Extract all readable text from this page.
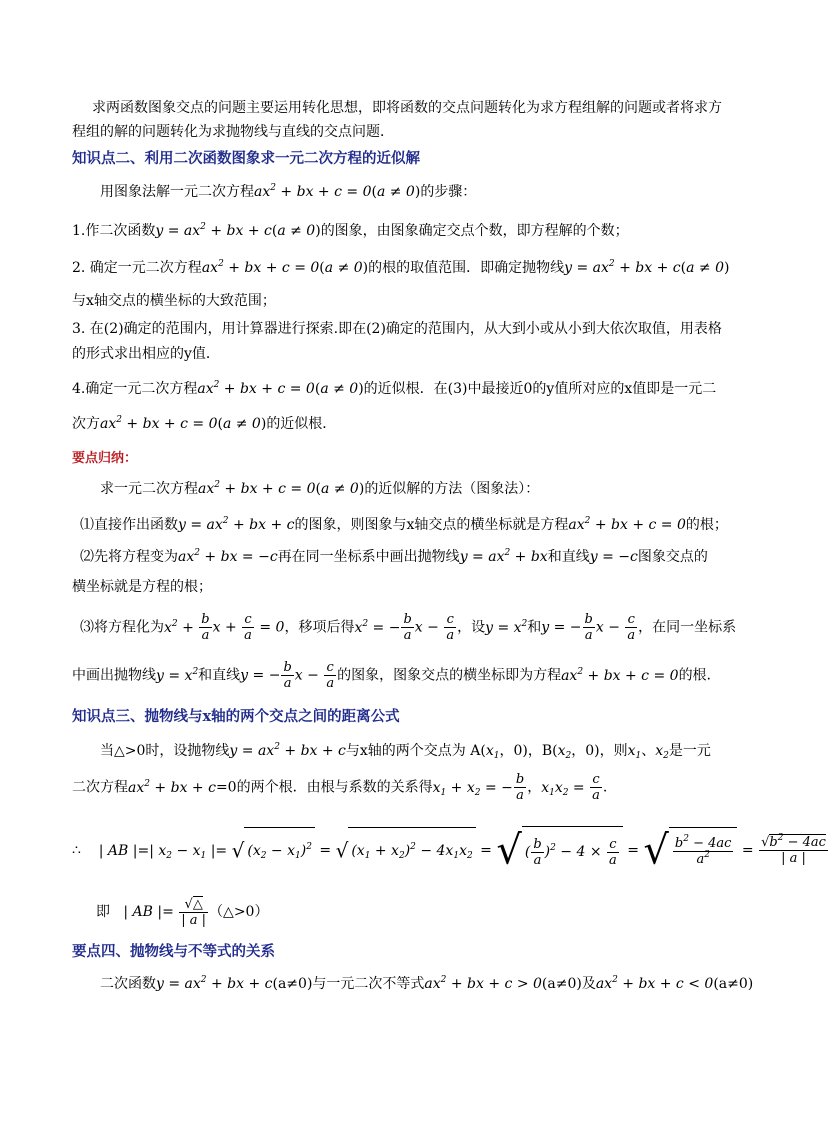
求两函数图象交点的问题主要运用转化思想，即将函数的交点问题转化为求方程组解的问题或者将求方
程组的解的问题转化为求抛物线与直线的交点问题．
知识点二、利用二次函数图象求一元二次方程的近似解
用图象法解一元二次方程$ax^2$ + bx + c = 0(a ≠ 0)的步骤：
1.作二次函数$y = ax^2$ + bx + c(a ≠ 0)的图象，由图象确定交点个数，即方程解的个数；
2. 确定一元二次方程$ax^2$ + bx + c = 0(a ≠ 0)的根的取值范围．即确定抛物线$y = ax^2$ + bx + c(a ≠ 0)
与x轴交点的横坐标的大致范围；
3. 在(2)确定的范围内，用计算器进行探索.即在(2)确定的范围内，从大到小或从小到大依次取值，用表格
的形式求出相应的y值．
4.确定一元二次方程$ax^2$ + bx + c = 0(a ≠ 0)的近似根．在(3)中最接近0的y值所对应的x值即是一元二
次方$ax^2$ + bx + c = 0(a ≠ 0)的近似根．
要点归纳：
求一元二次方程$ax^2$ + bx + c = 0(a ≠ 0)的近似解的方法（图象法）：
⑴直接作出函数$y = ax^2$ + bx + c的图象，则图象与x轴交点的横坐标就是方程$ax^2$ + bx + c = 0的根；
⑵先将方程变为$ax^2$ + bx = −c再在同一坐标系中画出抛物线$y = ax^2$ + bx和直线y = −c图象交点的
横坐标就是方程的根；
⑶将方程化为$x^2 + \frac{b}{a}$ $x + \frac{c}{a} = 0$，移项后得$x^2$ = − $\frac{b}{a}$ $x - \frac{c}{a}$ ，设$y = x^2$和y = − $\frac{b}{a}$ $x - \frac{c}{a}$ ，在同一坐标系
中画出抛物线$y = x^2$和直线y = − $\frac{b}{a}$ $x - \frac{c}{a}$ 的图象，图象交点的横坐标即为方程$ax^2$ + bx + c = 0的根.
知识点三、抛物线与x轴的两个交点之间的距离公式
当△>0时，设抛物线$y = ax^2$ + bx + c与x轴的两个交点为 $A(x_1$，0)，$B(x_2$，0)，则$x_1$、$x_2$是一元
二次方程$ax^2$ + bx + c=0的两个根．由根与系数的关系得$x_1 + x_2$ = − $\frac{b}{a}$ ，$x_1x_2 = \frac{c}{a}$ .
∴ | AB |=| $x_2 - x_1$ |= √ $(x_2 - x_1)^2$ = √ $(x_1 + x_2)^2 - 4x_1x_2$ = √ ( $\frac{b}{a} )^2 - 4 \times \frac{c}{a}$ = √ $\frac{b^2 - 4ac}{a^2} = \frac{√b^2 - 4ac}{| a |}$
即 | AB |= √△
| a | （△>0）
要点四、抛物线与不等式的关系
二次函数$y = ax^2$ + bx + c(a≠0)与一元二次不等式$ax^2$ + bx + c > 0(a≠0)及$ax^2$ + bx + c < 0(a≠0)
